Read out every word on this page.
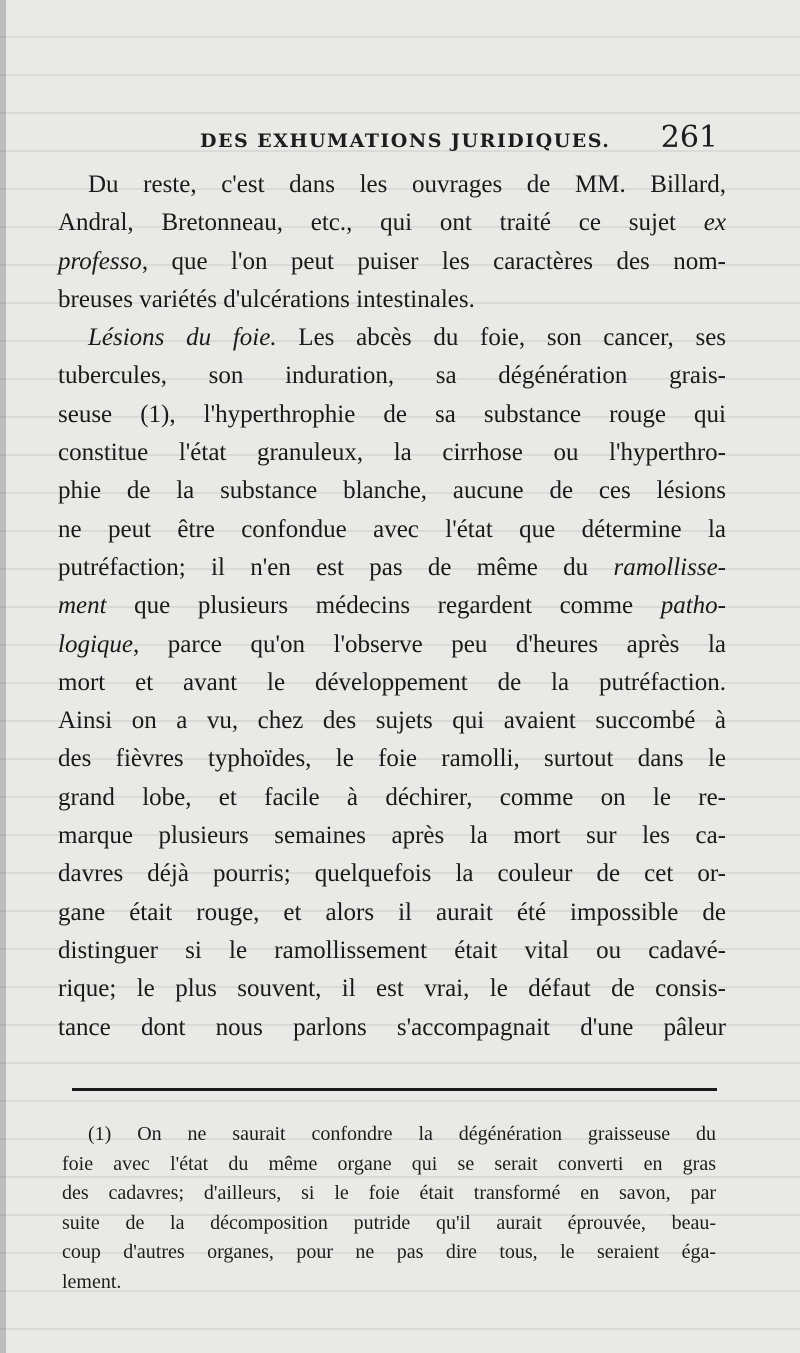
DES EXHUMATIONS JURIDIQUES. 261
Du reste, c'est dans les ouvrages de MM. Billard,
Andral, Bretonneau, etc., qui ont traité ce sujet ex
professo, que l'on peut puiser les caractères des nom-
breuses variétés d'ulcérations intestinales.
Lésions du foie. Les abcès du foie, son cancer, ses
tubercules, son induration, sa dégénération grais-
seuse (1), l'hyperthrophie de sa substance rouge qui
constitue l'état granuleux, la cirrhose ou l'hyperthro-
phie de la substance blanche, aucune de ces lésions
ne peut être confondue avec l'état que détermine la
putréfaction; il n'en est pas de même du ramollisse-
ment que plusieurs médecins regardent comme patho-
logique, parce qu'on l'observe peu d'heures après la
mort et avant le développement de la putréfaction.
Ainsi on a vu, chez des sujets qui avaient succombé à
des fièvres typhoïdes, le foie ramolli, surtout dans le
grand lobe, et facile à déchirer, comme on le re-
marque plusieurs semaines après la mort sur les ca-
davres déjà pourris; quelquefois la couleur de cet or-
gane était rouge, et alors il aurait été impossible de
distinguer si le ramollissement était vital ou cadavé-
rique; le plus souvent, il est vrai, le défaut de consis-
tance dont nous parlons s'accompagnait d'une pâleur
(1) On ne saurait confondre la dégénération graisseuse du
foie avec l'état du même organe qui se serait converti en gras
des cadavres; d'ailleurs, si le foie était transformé en savon, par
suite de la décomposition putride qu'il aurait éprouvée, beau-
coup d'autres organes, pour ne pas dire tous, le seraient éga-
lement.
